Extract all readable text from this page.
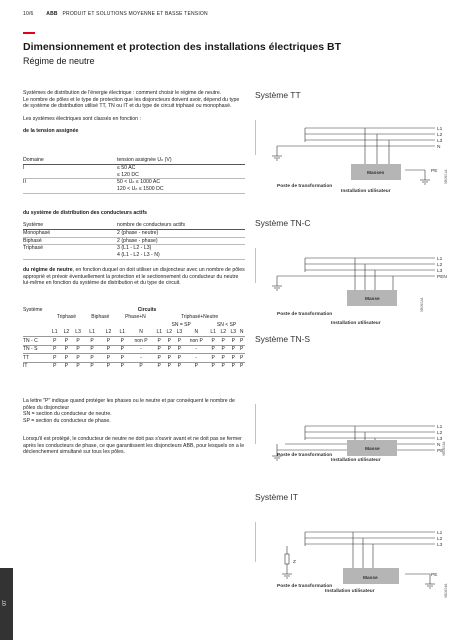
10/6	ABB PRODUIT ET SOLUTIONS MOYENNE ET BASSE TENSION
Dimensionnement et protection des installations électriques BT
Régime de neutre

Systèmes de distribution de l'énergie électrique : comment choisir le régime de neutre.
Le nombre de pôles et le type de protection que les disjoncteurs doivent avoir, dépend du type de système de distribution utilisé TT, TN ou IT et du type de circuit triphasé ou monophasé.

Les systèmes électriques sont classés en fonction :

de la tension assignée

Domaine	tension assignée Uₙ (V)
I	≤ 50 AC
	≤ 120 DC
II	50 < Uₙ ≤ 1000 AC
	120 < Uₙ ≤ 1500 DC
du système de distribution des conducteurs actifs
Système	nombre de conducteurs actifs
Monophasé	2 (phase - neutre)
Biphasé	2 (phase - phase)
Triphasé	3 (L1 - L2 - L3)
	4 (L1 - L2 - L3 - N)
du régime de neutre, en fonction duquel on doit utiliser un disjoncteur avec un nombre de pôles approprié et prévoir éventuellement la protection et le sectionnement du conducteur du neutre lui-même en fonction du système de distribution et du type de circuit.
Système	Circuits														
	Triphasé			Biphasé		Phase+N		Triphasé+Neutre							
								SN = SP				SN < SP			
	L1	L2	L3	L1	L2	L1	N	L1	L2	L3	N	L1	L2	L3	N
TN - C	P	P	P	P	P	P	non P	P	P	P	non P	P	P	P	P
TN - S	P	P	P	P	P	P	-	P	P	P	-	P	P	P	P
TT	P	P	P	P	P	P	-	P	P	P	-	P	P	P	P
IT	P	P	P	P	P	P	P	P	P	P	P	P	P	P	P

La lettre "P" indique quand protéger les phases ou le neutre et par conséquent le nombre de pôles du disjoncteur

SN = section du conducteur de neutre.

SP = section du conducteur de phase.

Lorsqu'il est protégé, le conducteur de neutre ne doit pas s'ouvrir avant et ne doit pas se fermer après les conducteurs de phase, ce que garantissent les disjoncteurs ABB, pour lesquels on a le déclenchement simultané sur tous les pôles.
Système TT
L1
L2
L3
N
PE
Masses
Poste de transformation
Installation utilisateur
VB0601A
Système TN-C
L1
L2
L3
PEN
Masse
Poste de transformation
Installation utilisateur
VB0602A
Système TN-S
L1
L2
L3
N
PE
Masse
Poste de transformation
Installation utilisateur
VB0603A
Système IT
L1
L2
L3
PE
Z
Masse
Poste de transformation
Installation utilisateur	VB0604A
07
